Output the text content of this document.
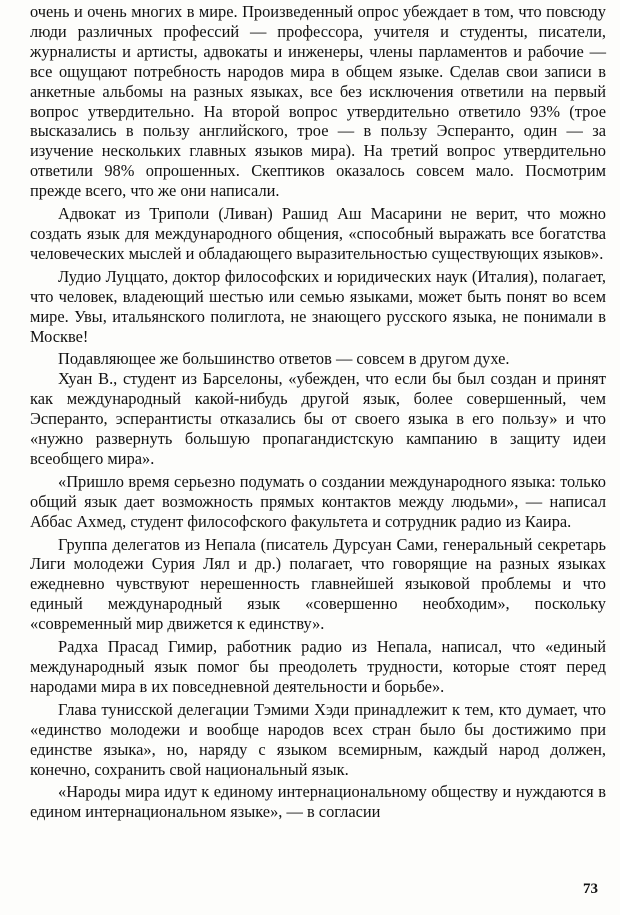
очень и очень многих в мире. Произведенный опрос убеждает в том, что повсюду люди различных профессий — профессора, учителя и студенты, писатели, журналисты и артисты, адвокаты и инженеры, члены парламентов и рабочие — все ощущают потребность народов мира в общем языке. Сделав свои записи в анкетные альбомы на разных языках, все без исключения ответили на первый вопрос утвердительно. На второй вопрос утвердительно ответило 93% (трое высказались в пользу английского, трое — в пользу Эсперанто, один — за изучение нескольких главных языков мира). На третий вопрос утвердительно ответили 98% опрошенных. Скептиков оказалось совсем мало. Посмотрим прежде всего, что же они написали.

Адвокат из Триполи (Ливан) Рашид Аш Масарини не верит, что можно создать язык для международного общения, «способный выражать все богатства человеческих мыслей и обладающего выразительностью существующих языков».

Лудио Луццато, доктор философских и юридических наук (Италия), полагает, что человек, владеющий шестью или семью языками, может быть понят во всем мире. Увы, итальянского полиглота, не знающего русского языка, не понимали в Москве!

Подавляющее же большинство ответов — совсем в другом духе.

Хуан В., студент из Барселоны, «убежден, что если бы был создан и принят как международный какой-нибудь другой язык, более совершенный, чем Эсперанто, эсперантисты отказались бы от своего языка в его пользу» и что «нужно развернуть большую пропагандистскую кампанию в защиту идеи всеобщего мира».

«Пришло время серьезно подумать о создании международного языка: только общий язык дает возможность прямых контактов между людьми», — написал Аббас Ахмед, студент философского факультета и сотрудник радио из Каира.

Группа делегатов из Непала (писатель Дурсуан Сами, генеральный секретарь Лиги молодежи Сурия Лял и др.) полагает, что говорящие на разных языках ежедневно чувствуют нерешенность главнейшей языковой проблемы и что единый международный язык «совершенно необходим», поскольку «современный мир движется к единству».

Радха Прасад Гимир, работник радио из Непала, написал, что «единый международный язык помог бы преодолеть трудности, которые стоят перед народами мира в их повседневной деятельности и борьбе».

Глава тунисской делегации Тэмими Хэди принадлежит к тем, кто думает, что «единство молодежи и вообще народов всех стран было бы достижимо при единстве языка», но, наряду с языком всемирным, каждый народ должен, конечно, сохранить свой национальный язык.

«Народы мира идут к единому интернациональному обществу и нуждаются в едином интернациональном языке», — в согласии

73
